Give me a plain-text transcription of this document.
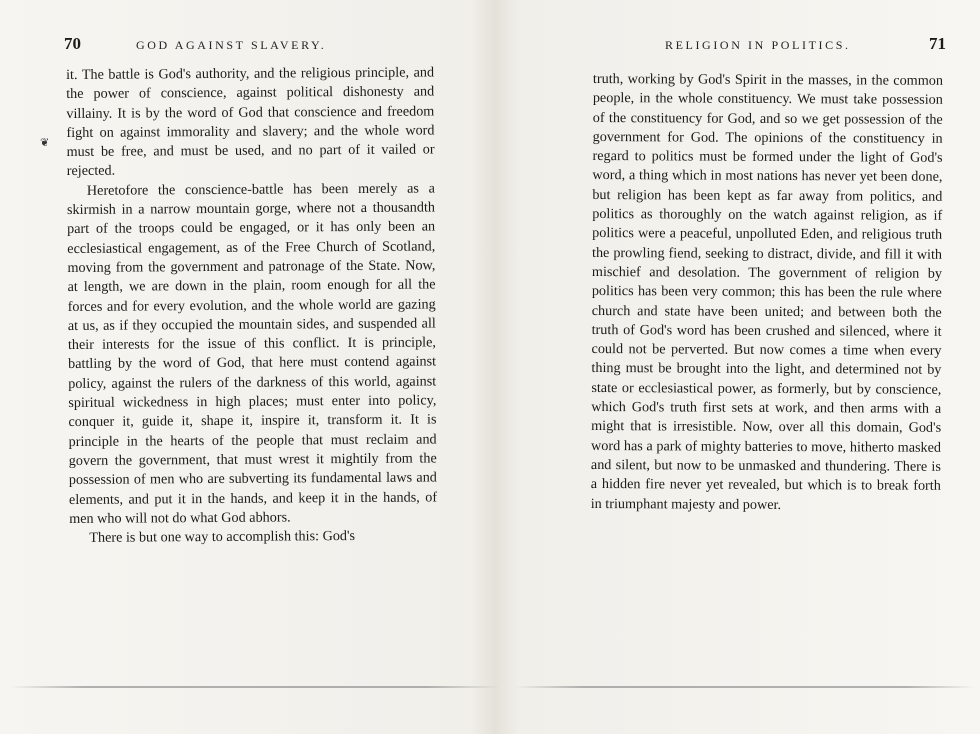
70	GOD AGAINST SLAVERY.
❦

it. The battle is God's authority, and the religious principle, and the power of conscience, against political dishonesty and villainy. It is by the word of God that conscience and freedom fight on against immorality and slavery; and the whole word must be free, and must be used, and no part of it vailed or rejected.

Heretofore the conscience-battle has been merely as a skirmish in a narrow mountain gorge, where not a thousandth part of the troops could be engaged, or it has only been an ecclesiastical engagement, as of the Free Church of Scotland, moving from the government and patronage of the State. Now, at length, we are down in the plain, room enough for all the forces and for every evolution, and the whole world are gazing at us, as if they occupied the mountain sides, and suspended all their interests for the issue of this conflict. It is principle, battling by the word of God, that here must contend against policy, against the rulers of the darkness of this world, against spiritual wickedness in high places; must enter into policy, conquer it, guide it, shape it, inspire it, transform it. It is principle in the hearts of the people that must reclaim and govern the government, that must wrest it mightily from the possession of men who are subverting its fundamental laws and elements, and put it in the hands, and keep it in the hands, of men who will not do what God abhors.

There is but one way to accomplish this: God's

RELIGION IN POLITICS.	71

truth, working by God's Spirit in the masses, in the common people, in the whole constituency. We must take possession of the constituency for God, and so we get possession of the government for God. The opinions of the constituency in regard to politics must be formed under the light of God's word, a thing which in most nations has never yet been done, but religion has been kept as far away from politics, and politics as thoroughly on the watch against religion, as if politics were a peaceful, unpolluted Eden, and religious truth the prowling fiend, seeking to distract, divide, and fill it with mischief and desolation. The government of religion by politics has been very common; this has been the rule where church and state have been united; and between both the truth of God's word has been crushed and silenced, where it could not be perverted. But now comes a time when every thing must be brought into the light, and determined not by state or ecclesiastical power, as formerly, but by conscience, which God's truth first sets at work, and then arms with a might that is irresistible. Now, over all this domain, God's word has a park of mighty batteries to move, hitherto masked and silent, but now to be unmasked and thundering. There is a hidden fire never yet revealed, but which is to break forth in triumphant majesty and power.
